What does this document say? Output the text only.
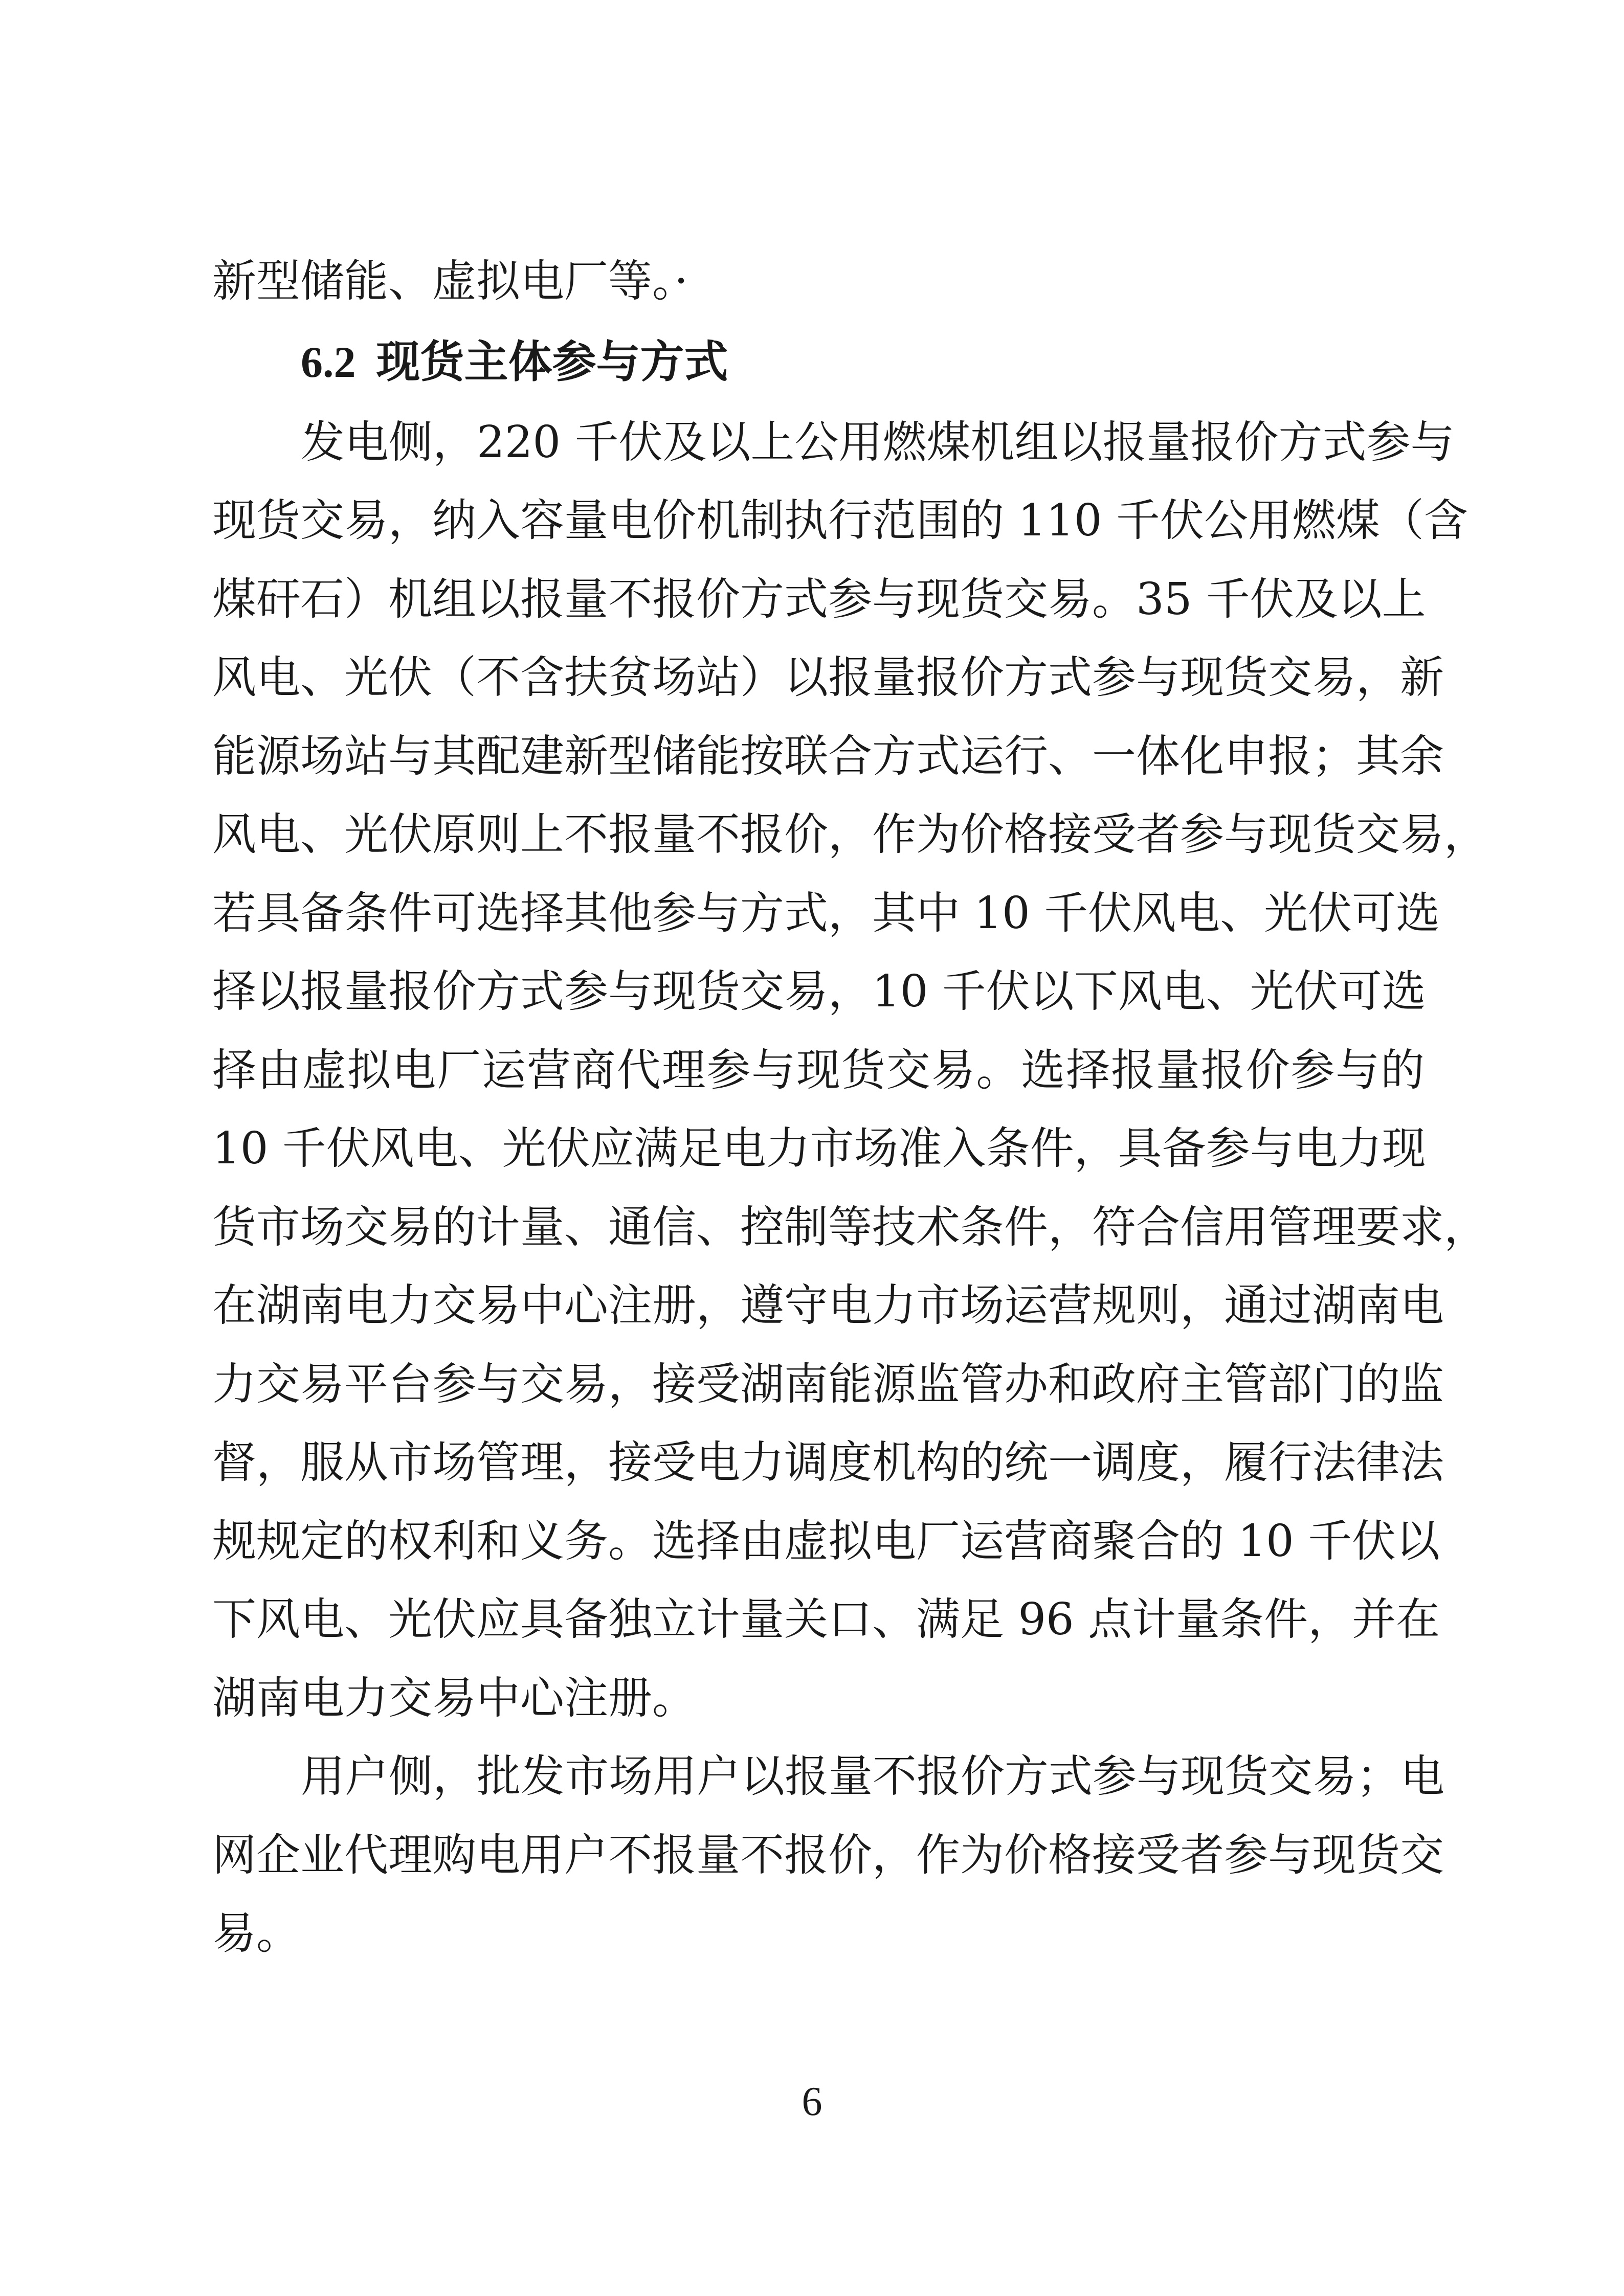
新型储能、虚拟电厂等。·
6.2 现货主体参与方式
发电侧，220 千伏及以上公用燃煤机组以报量报价方式参与
现货交易，纳入容量电价机制执行范围的 110 千伏公用燃煤（含
煤矸石）机组以报量不报价方式参与现货交易。35 千伏及以上
风电、光伏（不含扶贫场站）以报量报价方式参与现货交易，新
能源场站与其配建新型储能按联合方式运行、一体化申报；其余
风电、光伏原则上不报量不报价，作为价格接受者参与现货交易，
若具备条件可选择其他参与方式，其中 10 千伏风电、光伏可选
择以报量报价方式参与现货交易，10 千伏以下风电、光伏可选
择由虚拟电厂运营商代理参与现货交易。选择报量报价参与的
10 千伏风电、光伏应满足电力市场准入条件，具备参与电力现
货市场交易的计量、通信、控制等技术条件，符合信用管理要求，
在湖南电力交易中心注册，遵守电力市场运营规则，通过湖南电
力交易平台参与交易，接受湖南能源监管办和政府主管部门的监
督，服从市场管理，接受电力调度机构的统一调度，履行法律法
规规定的权利和义务。选择由虚拟电厂运营商聚合的 10 千伏以
下风电、光伏应具备独立计量关口、满足 96 点计量条件，并在
湖南电力交易中心注册。
用户侧，批发市场用户以报量不报价方式参与现货交易；电
网企业代理购电用户不报量不报价，作为价格接受者参与现货交
易。
6
